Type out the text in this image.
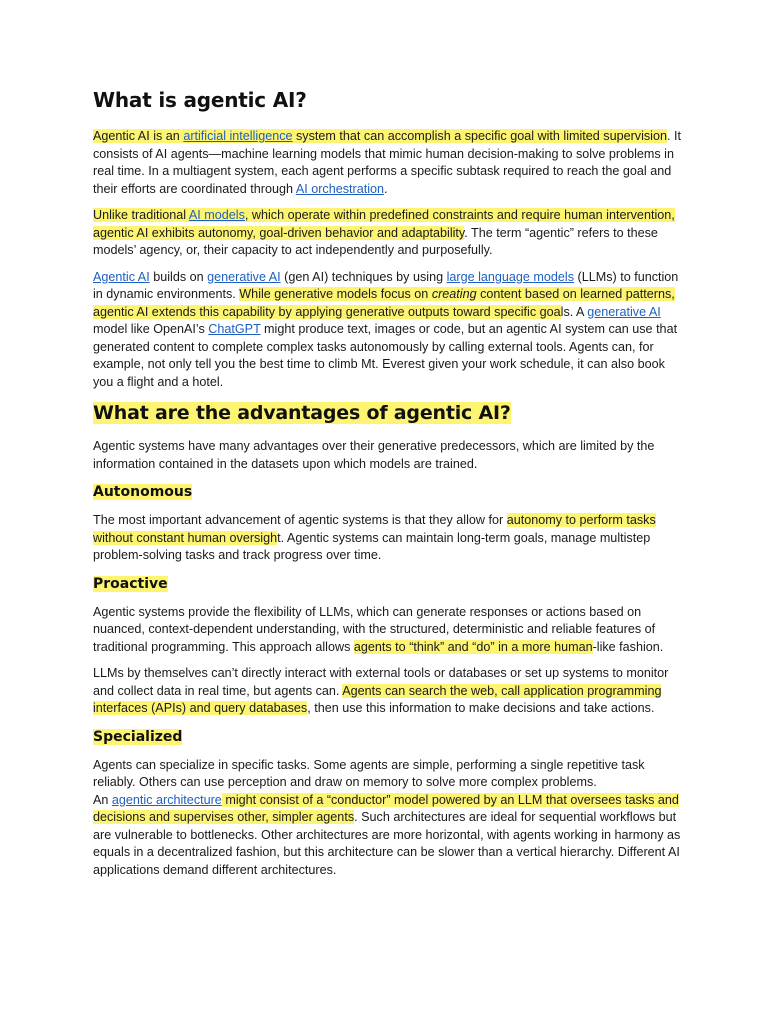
What is agentic AI?

Agentic AI is an artificial intelligence system that can accomplish a specific goal with limited supervision. It consists of AI agents—machine learning models that mimic human decision-making to solve problems in real time. In a multiagent system, each agent performs a specific subtask required to reach the goal and their efforts are coordinated through AI orchestration.

Unlike traditional AI models, which operate within predefined constraints and require human intervention, agentic AI exhibits autonomy, goal-driven behavior and adaptability. The term “agentic” refers to these models’ agency, or, their capacity to act independently and purposefully.

Agentic AI builds on generative AI (gen AI) techniques by using large language models (LLMs) to function in dynamic environments. While generative models focus on creating content based on learned patterns, agentic AI extends this capability by applying generative outputs toward specific goals. A generative AI model like OpenAI’s ChatGPT might produce text, images or code, but an agentic AI system can use that generated content to complete complex tasks autonomously by calling external tools. Agents can, for example, not only tell you the best time to climb Mt. Everest given your work schedule, it can also book you a flight and a hotel.

What are the advantages of agentic AI?

Agentic systems have many advantages over their generative predecessors, which are limited by the information contained in the datasets upon which models are trained.

Autonomous

The most important advancement of agentic systems is that they allow for autonomy to perform tasks without constant human oversight. Agentic systems can maintain long-term goals, manage multistep problem-solving tasks and track progress over time.

Proactive

Agentic systems provide the flexibility of LLMs, which can generate responses or actions based on nuanced, context-dependent understanding, with the structured, deterministic and reliable features of traditional programming. This approach allows agents to “think” and “do” in a more human-like fashion.

LLMs by themselves can’t directly interact with external tools or databases or set up systems to monitor and collect data in real time, but agents can. Agents can search the web, call application programming interfaces (APIs) and query databases, then use this information to make decisions and take actions.

Specialized

Agents can specialize in specific tasks. Some agents are simple, performing a single repetitive task reliably. Others can use perception and draw on memory to solve more complex problems.
An agentic architecture might consist of a “conductor” model powered by an LLM that oversees tasks and decisions and supervises other, simpler agents. Such architectures are ideal for sequential workflows but are vulnerable to bottlenecks. Other architectures are more horizontal, with agents working in harmony as equals in a decentralized fashion, but this architecture can be slower than a vertical hierarchy. Different AI applications demand different architectures.
